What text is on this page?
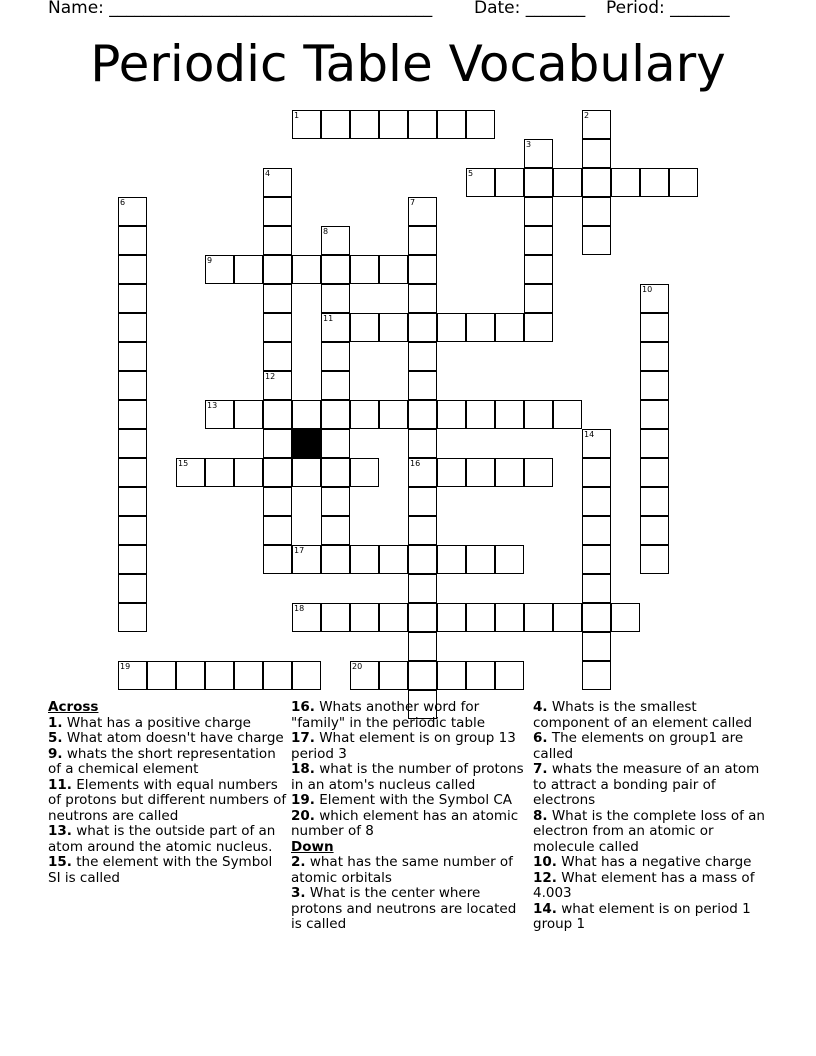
Name: ______________________________________ Date: _______ Period: _______
Periodic Table Vocabulary
1	2
3
4
12
5
6	7
16
8
11
9
10
13
14
15
17
18
19	20
Across
1. What has a positive charge
5. What atom doesn't have charge
9. whats the short representation of a chemical element
11. Elements with equal numbers of protons but different numbers of neutrons are called
13. what is the outside part of an atom around the atomic nucleus.
15. the element with the Symbol SI is called
16. Whats another word for "family" in the periodic table
17. What element is on group 13 period 3
18. what is the number of protons in an atom's nucleus called
19. Element with the Symbol CA
20. which element has an atomic number of 8
Down
2. what has the same number of atomic orbitals
3. What is the center where protons and neutrons are located is called
4. Whats is the smallest component of an element called
6. The elements on group1 are called
7. whats the measure of an atom to attract a bonding pair of electrons
8. What is the complete loss of an electron from an atomic or molecule called
10. What has a negative charge
12. What element has a mass of 4.003
14. what element is on period 1 group 1
